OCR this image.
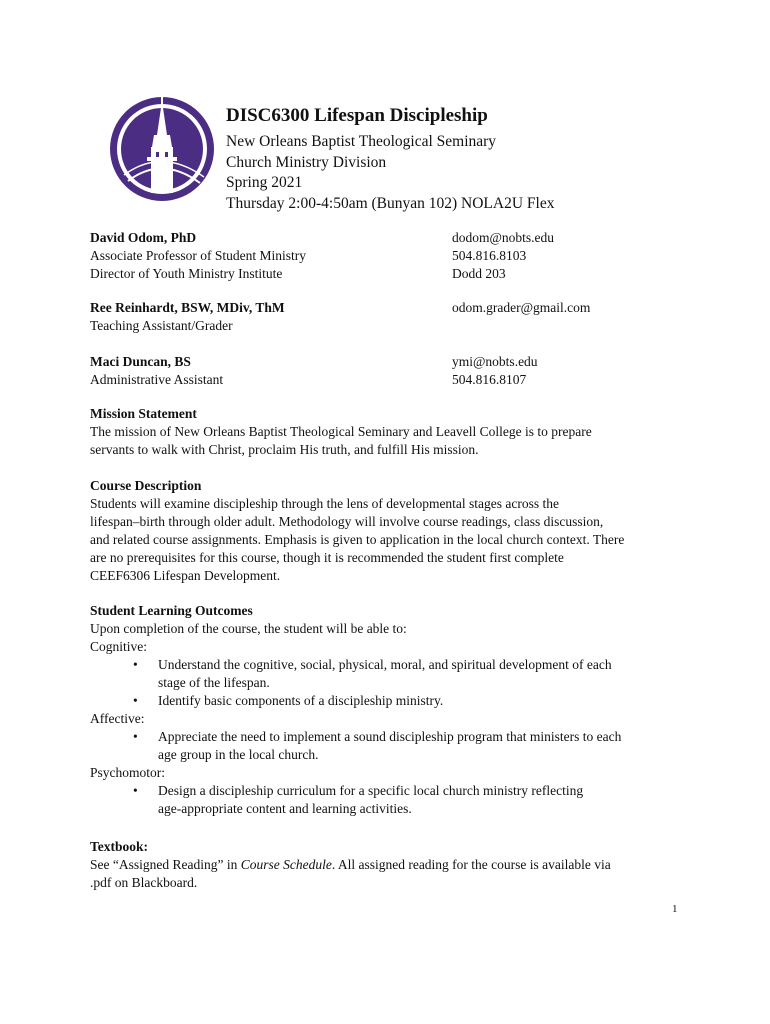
DISC6300 Lifespan Discipleship
New Orleans Baptist Theological Seminary
Church Ministry Division
Spring 2021
Thursday 2:00-4:50am (Bunyan 102) NOLA2U Flex
David Odom, PhD
Associate Professor of Student Ministry
Director of Youth Ministry Institute
dodom@nobts.edu
504.816.8103
Dodd 203
Ree Reinhardt, BSW, MDiv, ThM
Teaching Assistant/Grader
odom.grader@gmail.com
Maci Duncan, BS
Administrative Assistant
ymi@nobts.edu
504.816.8107
Mission Statement
The mission of New Orleans Baptist Theological Seminary and Leavell College is to prepare
servants to walk with Christ, proclaim His truth, and fulfill His mission.
Course Description
Students will examine discipleship through the lens of developmental stages across the
lifespan–birth through older adult. Methodology will involve course readings, class discussion,
and related course assignments. Emphasis is given to application in the local church context. There
are no prerequisites for this course, though it is recommended the student first complete
CEEF6306 Lifespan Development.
Student Learning Outcomes
Upon completion of the course, the student will be able to:
Cognitive:
• Understand the cognitive, social, physical, moral, and spiritual development of each
stage of the lifespan.
• Identify basic components of a discipleship ministry.
Affective:
• Appreciate the need to implement a sound discipleship program that ministers to each
age group in the local church.
Psychomotor:
• Design a discipleship curriculum for a specific local church ministry reflecting
age-appropriate content and learning activities.
Textbook:
See “Assigned Reading” in Course Schedule. All assigned reading for the course is available via
.pdf on Blackboard.
1
